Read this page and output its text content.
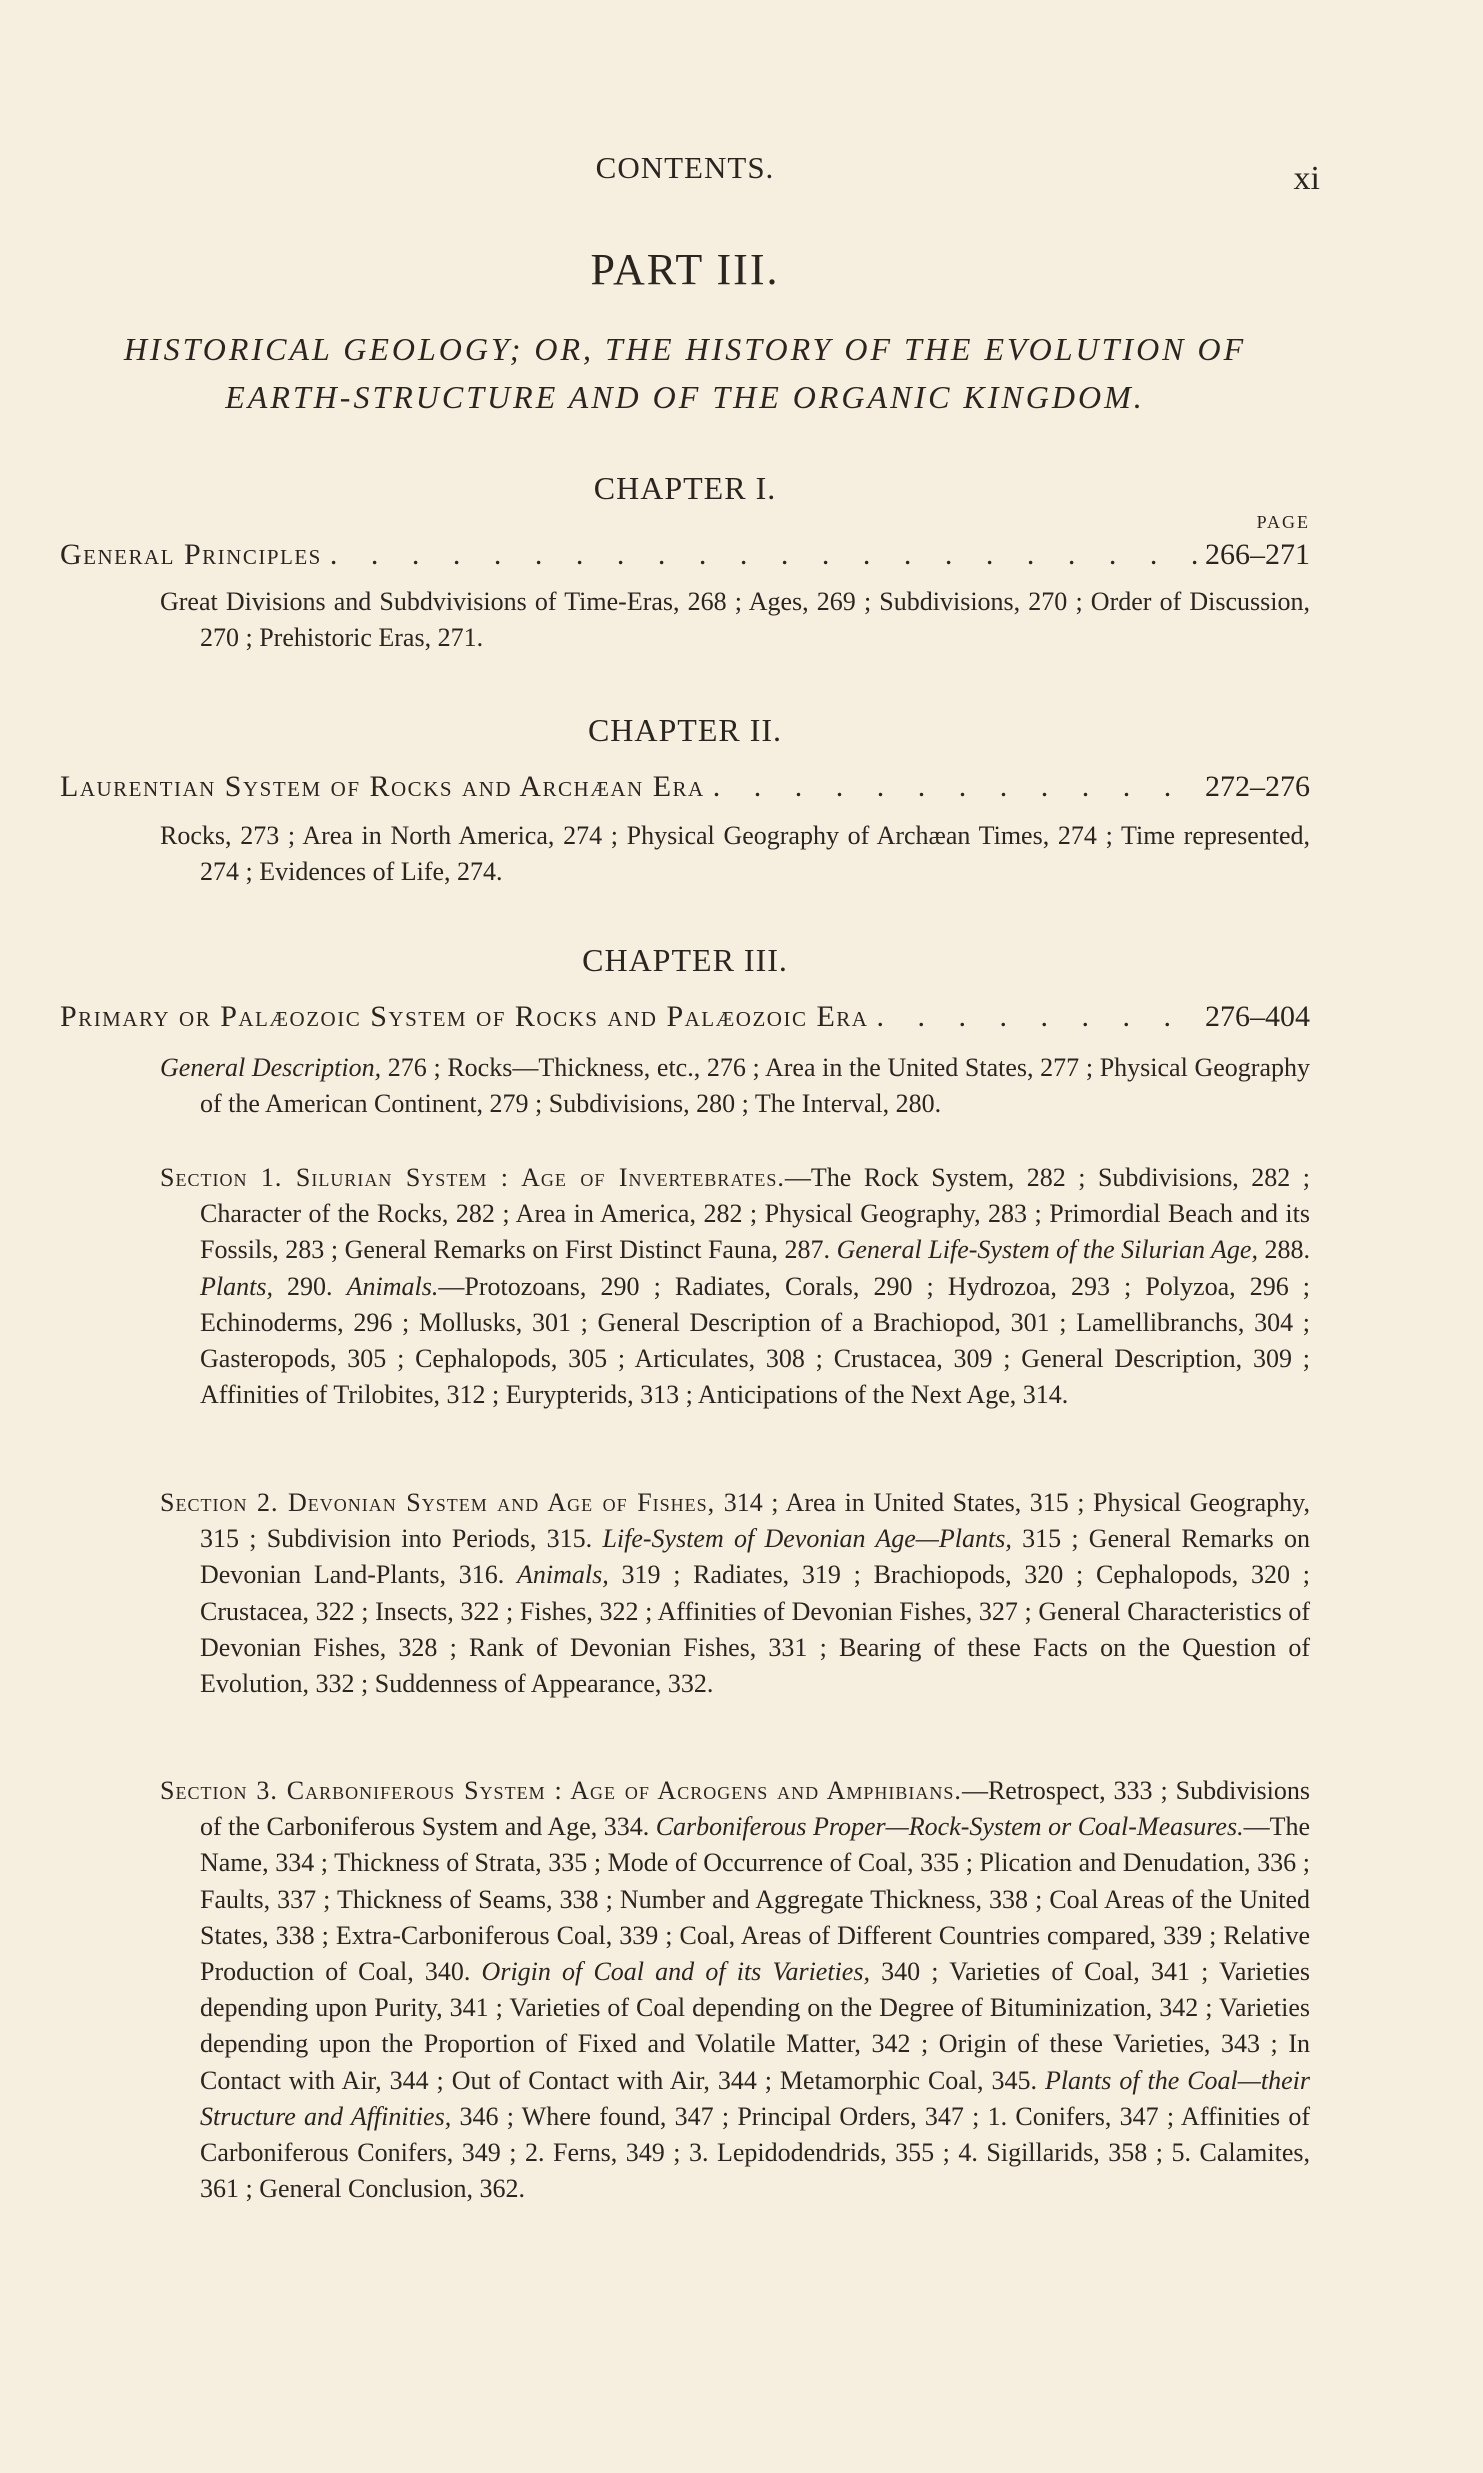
CONTENTS.	xi
PART III.
HISTORICAL GEOLOGY; OR, THE HISTORY OF THE EVOLUTION OF
EARTH-STRUCTURE AND OF THE ORGANIC KINGDOM.
CHAPTER I.
PAGE
General Principles . . .	266–271
Great Divisions and Subdvivisions of Time-Eras, 268 ; Ages, 269 ; Subdivisions, 270 ; Order of Discussion, 270 ; Prehistoric Eras, 271.
CHAPTER II.
Laurentian System of Rocks and Archæan Era . . .	272–276
Rocks, 273 ; Area in North America, 274 ; Physical Geography of Archæan Times, 274 ; Time represented, 274 ; Evidences of Life, 274.
CHAPTER III.
Primary or Palæozoic System of Rocks and Palæozoic Era . . .	276–404
General Description, 276 ; Rocks—Thickness, etc., 276 ; Area in the United States, 277 ; Physical Geography of the American Continent, 279 ; Subdivisions, 280 ; The Interval, 280.
Section 1. Silurian System : Age of Invertebrates.—The Rock System, 282 ; Subdivisions, 282 ; Character of the Rocks, 282 ; Area in America, 282 ; Physical Geography, 283 ; Primordial Beach and its Fossils, 283 ; General Remarks on First Distinct Fauna, 287. General Life-System of the Silurian Age, 288. Plants, 290. Animals.—Protozoans, 290 ; Radiates, Corals, 290 ; Hydrozoa, 293 ; Polyzoa, 296 ; Echinoderms, 296 ; Mollusks, 301 ; General Description of a Brachiopod, 301 ; Lamellibranchs, 304 ; Gasteropods, 305 ; Cephalopods, 305 ; Articulates, 308 ; Crustacea, 309 ; General Description, 309 ; Affinities of Trilobites, 312 ; Eurypterids, 313 ; Anticipations of the Next Age, 314.
Section 2. Devonian System and Age of Fishes, 314 ; Area in United States, 315 ; Physical Geography, 315 ; Subdivision into Periods, 315. Life-System of Devonian Age—Plants, 315 ; General Remarks on Devonian Land-Plants, 316. Animals, 319 ; Radiates, 319 ; Brachiopods, 320 ; Cephalopods, 320 ; Crustacea, 322 ; Insects, 322 ; Fishes, 322 ; Affinities of Devonian Fishes, 327 ; General Characteristics of Devonian Fishes, 328 ; Rank of Devonian Fishes, 331 ; Bearing of these Facts on the Question of Evolution, 332 ; Suddenness of Appearance, 332.
Section 3. Carboniferous System : Age of Acrogens and Amphibians.—Retrospect, 333 ; Subdivisions of the Carboniferous System and Age, 334. Carboniferous Proper—Rock-System or Coal-Measures.—The Name, 334 ; Thickness of Strata, 335 ; Mode of Occurrence of Coal, 335 ; Plication and Denudation, 336 ; Faults, 337 ; Thickness of Seams, 338 ; Number and Aggregate Thickness, 338 ; Coal Areas of the United States, 338 ; Extra-Carboniferous Coal, 339 ; Coal, Areas of Different Countries compared, 339 ; Relative Production of Coal, 340. Origin of Coal and of its Varieties, 340 ; Varieties of Coal, 341 ; Varieties depending upon Purity, 341 ; Varieties of Coal depending on the Degree of Bituminization, 342 ; Varieties depending upon the Proportion of Fixed and Volatile Matter, 342 ; Origin of these Varieties, 343 ; In Contact with Air, 344 ; Out of Contact with Air, 344 ; Metamorphic Coal, 345. Plants of the Coal—their Structure and Affinities, 346 ; Where found, 347 ; Principal Orders, 347 ; 1. Conifers, 347 ; Affinities of Carboniferous Conifers, 349 ; 2. Ferns, 349 ; 3. Lepidodendrids, 355 ; 4. Sigillarids, 358 ; 5. Calamites, 361 ; General Conclusion, 362.
